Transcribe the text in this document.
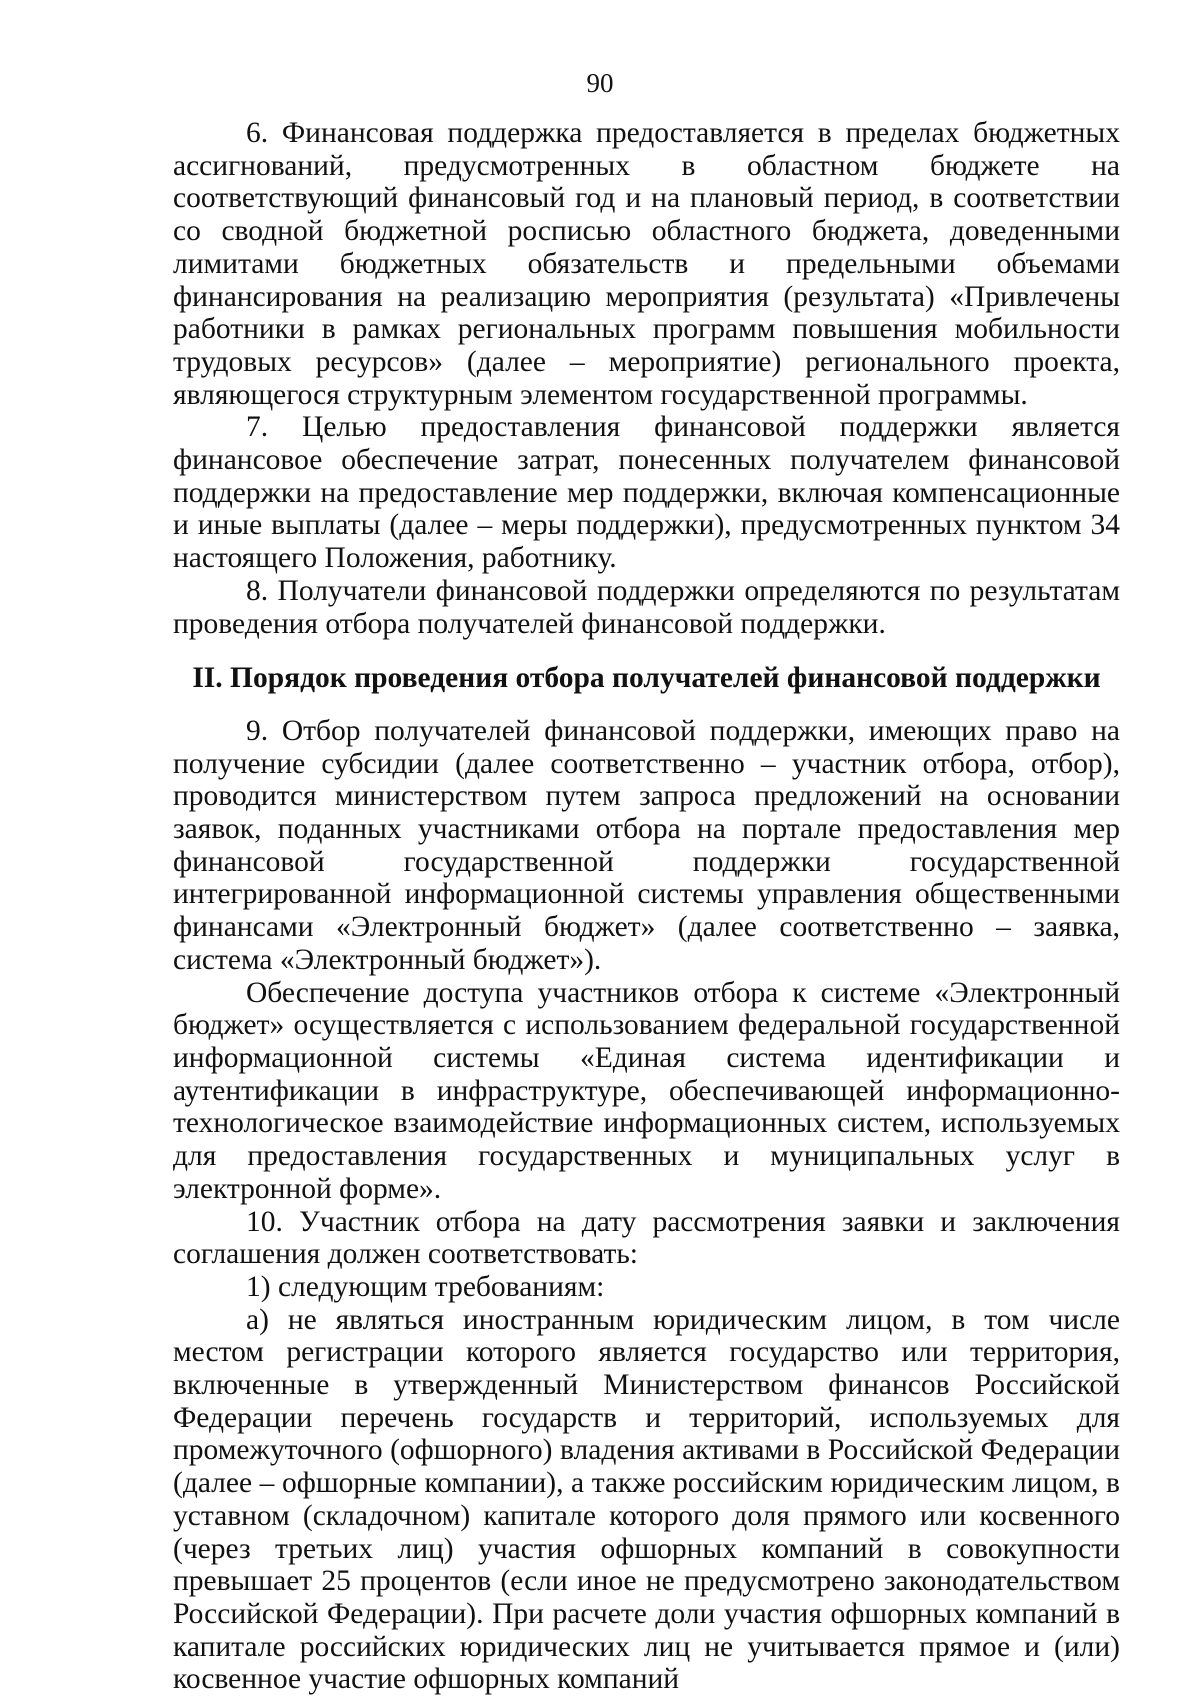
90

6. Финансовая поддержка предоставляется в пределах бюджетных ассигнований, предусмотренных в областном бюджете на соответствующий финансовый год и на плановый период, в соответствии со сводной бюджетной росписью областного бюджета, доведенными лимитами бюджетных обязательств и предельными объемами финансирования на реализацию мероприятия (результата) «Привлечены работники в рамках региональных программ повышения мобильности трудовых ресурсов» (далее – мероприятие) регионального проекта, являющегося структурным элементом государственной программы.

7. Целью предоставления финансовой поддержки является финансовое обеспечение затрат, понесенных получателем финансовой поддержки на предоставление мер поддержки, включая компенсационные и иные выплаты (далее – меры поддержки), предусмотренных пунктом 34 настоящего Положения, работнику.

8. Получатели финансовой поддержки определяются по результатам проведения отбора получателей финансовой поддержки.

II. Порядок проведения отбора получателей финансовой поддержки

9. Отбор получателей финансовой поддержки, имеющих право на получение субсидии (далее соответственно – участник отбора, отбор), проводится министерством путем запроса предложений на основании заявок, поданных участниками отбора на портале предоставления мер финансовой государственной поддержки государственной интегрированной информационной системы управления общественными финансами «Электронный бюджет» (далее соответственно – заявка, система «Электронный бюджет»).

Обеспечение доступа участников отбора к системе «Электронный бюджет» осуществляется с использованием федеральной государственной информационной системы «Единая система идентификации и аутентификации в инфраструктуре, обеспечивающей информационно-технологическое взаимодействие информационных систем, используемых для предоставления государственных и муниципальных услуг в электронной форме».

10. Участник отбора на дату рассмотрения заявки и заключения соглашения должен соответствовать:

1) следующим требованиям:

а) не являться иностранным юридическим лицом, в том числе местом регистрации которого является государство или территория, включенные в утвержденный Министерством финансов Российской Федерации перечень государств и территорий, используемых для промежуточного (офшорного) владения активами в Российской Федерации (далее – офшорные компании), а также российским юридическим лицом, в уставном (складочном) капитале которого доля прямого или косвенного (через третьих лиц) участия офшорных компаний в совокупности превышает 25 процентов (если иное не предусмотрено законодательством Российской Федерации). При расчете доли участия офшорных компаний в капитале российских юридических лиц не учитывается прямое и (или) косвенное участие офшорных компаний
